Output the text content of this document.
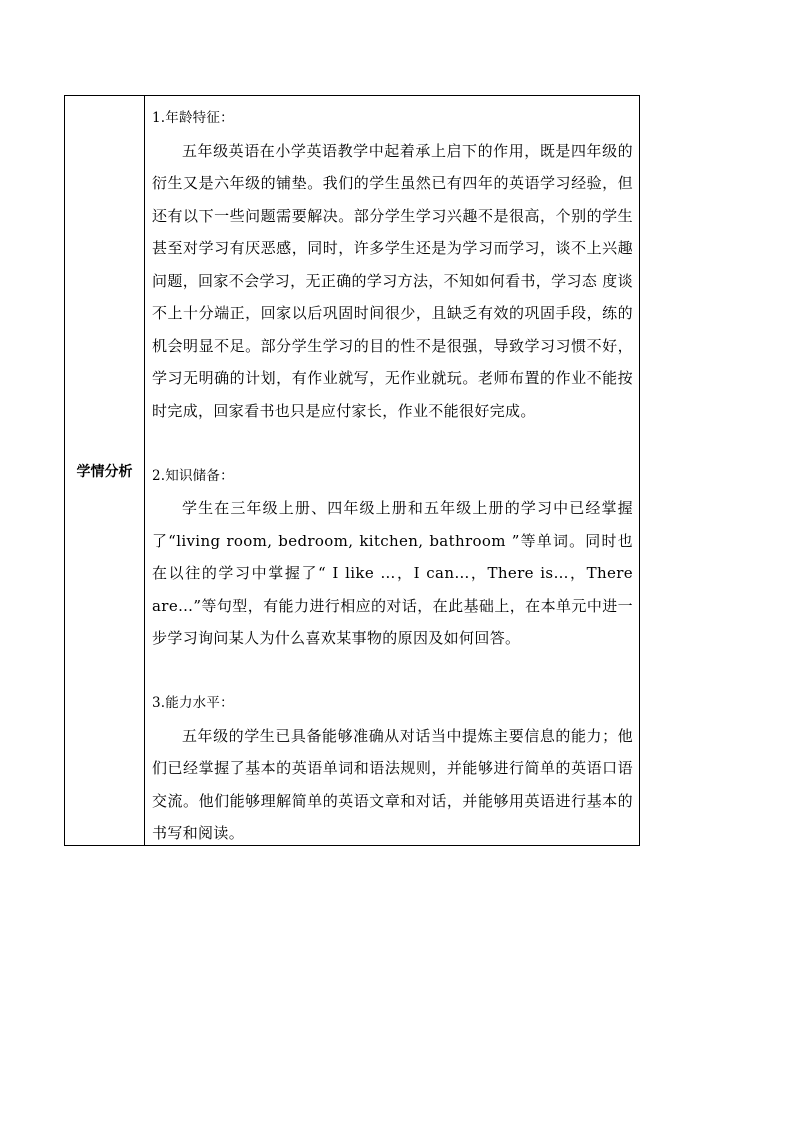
学情分析

1.年龄特征：

五年级英语在小学英语教学中起着承上启下的作用，既是四年级的衍生又是六年级的铺垫。我们的学生虽然已有四年的英语学习经验，但还有以下一些问题需要解决。部分学生学习兴趣不是很高，个别的学生甚至对学习有厌恶感，同时，许多学生还是为学习而学习，谈不上兴趣问题，回家不会学习，无正确的学习方法，不知如何看书，学习态 度谈不上十分端正，回家以后巩固时间很少，且缺乏有效的巩固手段，练的机会明显不足。部分学生学习的目的性不是很强，导致学习习惯不好，学习无明确的计划，有作业就写，无作业就玩。老师布置的作业不能按时完成，回家看书也只是应付家长，作业不能很好完成。

2.知识储备：

学生在三年级上册、四年级上册和五年级上册的学习中已经掌握了“living room, bedroom, kitchen, bathroom ”等单词。同时也在以往的学习中掌握了“ I like …，I can…，There is…，There are…”等句型，有能力进行相应的对话，在此基础上，在本单元中进一步学习询问某人为什么喜欢某事物的原因及如何回答。

3.能力水平：

五年级的学生已具备能够准确从对话当中提炼主要信息的能力；他们已经掌握了基本的英语单词和语法规则，并能够进行简单的英语口语交流。他们能够理解简单的英语文章和对话，并能够用英语进行基本的书写和阅读。
